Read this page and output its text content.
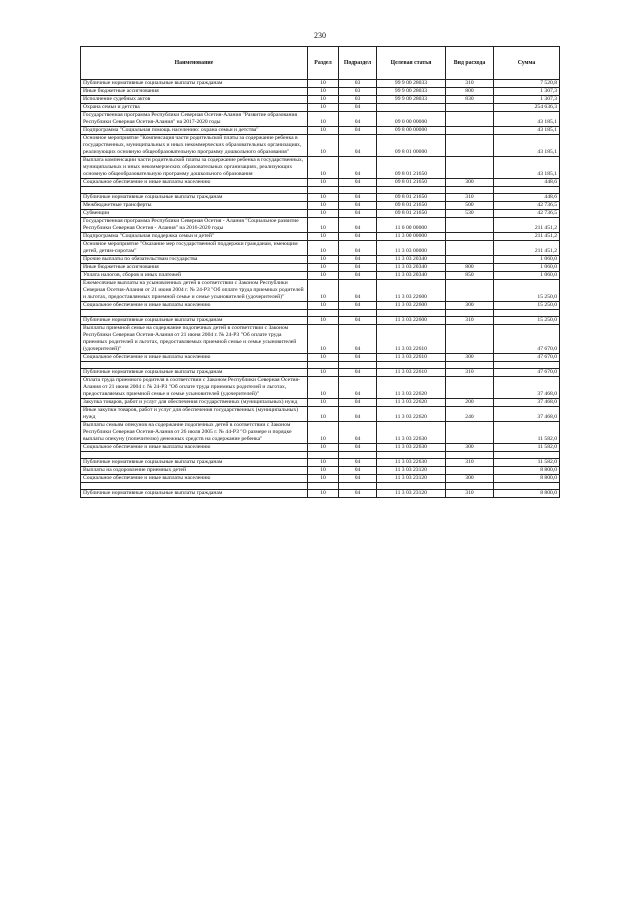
230
Наименование	Раздел	Подраздел	Целевая статья	Вид расхода	Сумма
Публичные нормативные социальные выплаты гражданам	10	03	99 9 00 28033	310	7 520,8
Иные бюджетные ассигнования	10	03	99 9 00 28033	800	1 307,3
Исполнение судебных актов	10	03	99 9 00 28033	830	1 307,3
Охрана семьи и детства	10	04			254 636,3
Государственная программа Республики Северная Осетия-Алания "Развитие образования Республики Северная Осетия-Алания" на 2017-2020 годы	10	04	09 0 00 00000		43 185,1
Подпрограмма "Социальная помощь населению: охрана семьи и детства"	10	04	09 8 00 00000		43 185,1
Основное мероприятие "Компенсация части родительской платы за содержание ребенка в государственных, муниципальных и иных некоммерческих образовательных организациях, реализующих основную общеобразовательную программу дошкольного образования"	10	04	09 8 01 00000		43 185,1
Выплата компенсации части родительской платы за содержание ребенка в государственных, муниципальных и иных некоммерческих образовательных организациях, реализующих основную общеобразовательную программу дошкольного образования	10	04	09 8 01 21650		43 185,1
Социальное обеспечение и иные выплаты населению	10	04	09 8 01 21650	300	448,6

Публичные нормативные социальные выплаты гражданам	10	04	09 8 01 21650	310	448,6
Межбюджетные трансферты	10	04	09 8 01 21650	500	42 736,5
Субвенции	10	04	09 8 01 21650	530	42 736,5
Государственная программа Республики Северная Осетия - Алания "Социальное развитие Республики Северная Осетия - Алания" на 2016-2020 годы	10	04	11 0 00 00000		211 451,2
Подпрограмма "Социальная поддержка семьи и детей"	10	04	11 3 00 00000		211 451,2
Основное мероприятие "Оказание мер государственной поддержки гражданам, имеющим детей, детям-сиротам"	10	04	11 3 03 00000		211 451,2
Прочие выплаты по обязательствам государства	10	04	11 3 03 20340		1 060,0
Иные бюджетные ассигнования	10	04	11 3 03 20340	800	1 060,0
Уплата налогов, сборов и иных платежей	10	04	11 3 03 20340	850	1 060,0
Ежемесячные выплаты на усыновленных детей в соответствии с Законом Республики Северная Осетия-Алания от 21 июня 2004 г. № 24-РЗ "Об оплате труда приемных родителей и льготах, предоставляемых приемной семье и семье усыновителей (удочерителей)"	10	04	11 3 03 22600		15 250,0
Социальное обеспечение и иные выплаты населению	10	04	11 3 03 22600	300	15 250,0

Публичные нормативные социальные выплаты гражданам	10	04	11 3 03 22600	310	15 250,0
Выплаты приемной семье на содержание подопечных детей в соответствии с Законом Республики Северная Осетия-Алания от 21 июня 2004 г. № 24-РЗ "Об оплате труда приемных родителей и льготах, предоставляемых приемной семье и семье усыновителей (удочерителей)"	10	04	11 3 03 22610		47 670,0
Социальное обеспечение и иные выплаты населению	10	04	11 3 03 22610	300	47 670,0

Публичные нормативные социальные выплаты гражданам	10	04	11 3 03 22610	310	47 670,0
Оплата труда приемного родителя в соответствии с Законом Республики Северная Осетия-Алания от 21 июня 2004 г. № 24-РЗ "Об оплате труда приемных родителей и льготах, предоставляемых приемной семье и семье усыновителей (удочерителей)"	10	04	11 3 03 22620		37 468,0
Закупка товаров, работ и услуг для обеспечения государственных (муниципальных) нужд	10	04	11 3 03 22620	200	37 468,0
Иные закупки товаров, работ и услуг для обеспечения государственных (муниципальных) нужд	10	04	11 3 03 22620	240	37 468,0
Выплаты семьям опекунов на содержание подопечных детей в соответствии с Законом Республики Северная Осетия-Алания от 26 июля 2005 г. № 44-РЗ "О размере и порядке выплаты опекуну (попечителю) денежных средств на содержание ребенка"	10	04	11 3 03 22630		11 582,0
Социальное обеспечение и иные выплаты населению	10	04	11 3 03 22630	300	11 582,0

Публичные нормативные социальные выплаты гражданам	10	04	11 3 03 22630	310	11 582,0
Выплаты на оздоровление приемных детей	10	04	11 3 03 23120		8 800,0
Социальное обеспечение и иные выплаты населению	10	04	11 3 03 23120	300	8 800,0

Публичные нормативные социальные выплаты гражданам	10	04	11 3 03 23120	310	8 800,0
